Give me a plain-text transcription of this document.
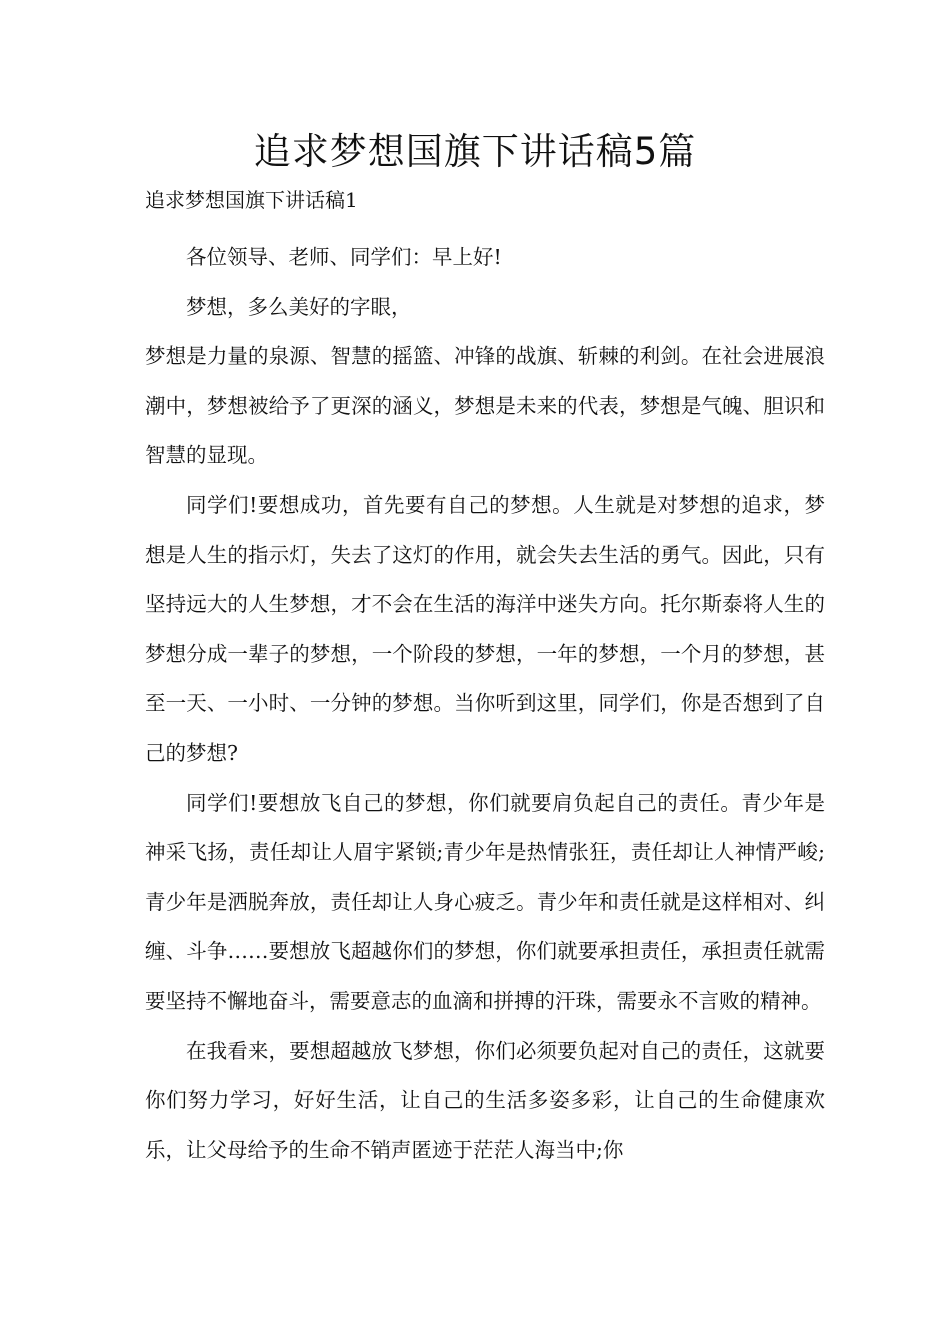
追求梦想国旗下讲话稿5篇

追求梦想国旗下讲话稿1

各位领导、老师、同学们：早上好!

梦想，多么美好的字眼，

梦想是力量的泉源、智慧的摇篮、冲锋的战旗、斩棘的利剑。在社会进展浪潮中，梦想被给予了更深的涵义，梦想是未来的代表，梦想是气魄、胆识和智慧的显现。

同学们!要想成功，首先要有自己的梦想。人生就是对梦想的追求，梦想是人生的指示灯，失去了这灯的作用，就会失去生活的勇气。因此，只有坚持远大的人生梦想，才不会在生活的海洋中迷失方向。托尔斯泰将人生的梦想分成一辈子的梦想，一个阶段的梦想，一年的梦想，一个月的梦想，甚至一天、一小时、一分钟的梦想。当你听到这里，同学们，你是否想到了自己的梦想?

同学们!要想放飞自己的梦想，你们就要肩负起自己的责任。青少年是神采飞扬，责任却让人眉宇紧锁;青少年是热情张狂，责任却让人神情严峻;青少年是洒脱奔放，责任却让人身心疲乏。青少年和责任就是这样相对、纠缠、斗争……要想放飞超越你们的梦想，你们就要承担责任，承担责任就需要坚持不懈地奋斗，需要意志的血滴和拼搏的汗珠，需要永不言败的精神。

在我看来，要想超越放飞梦想，你们必须要负起对自己的责任，这就要你们努力学习，好好生活，让自己的生活多姿多彩，让自己的生命健康欢乐，让父母给予的生命不销声匿迹于茫茫人海当中;你
